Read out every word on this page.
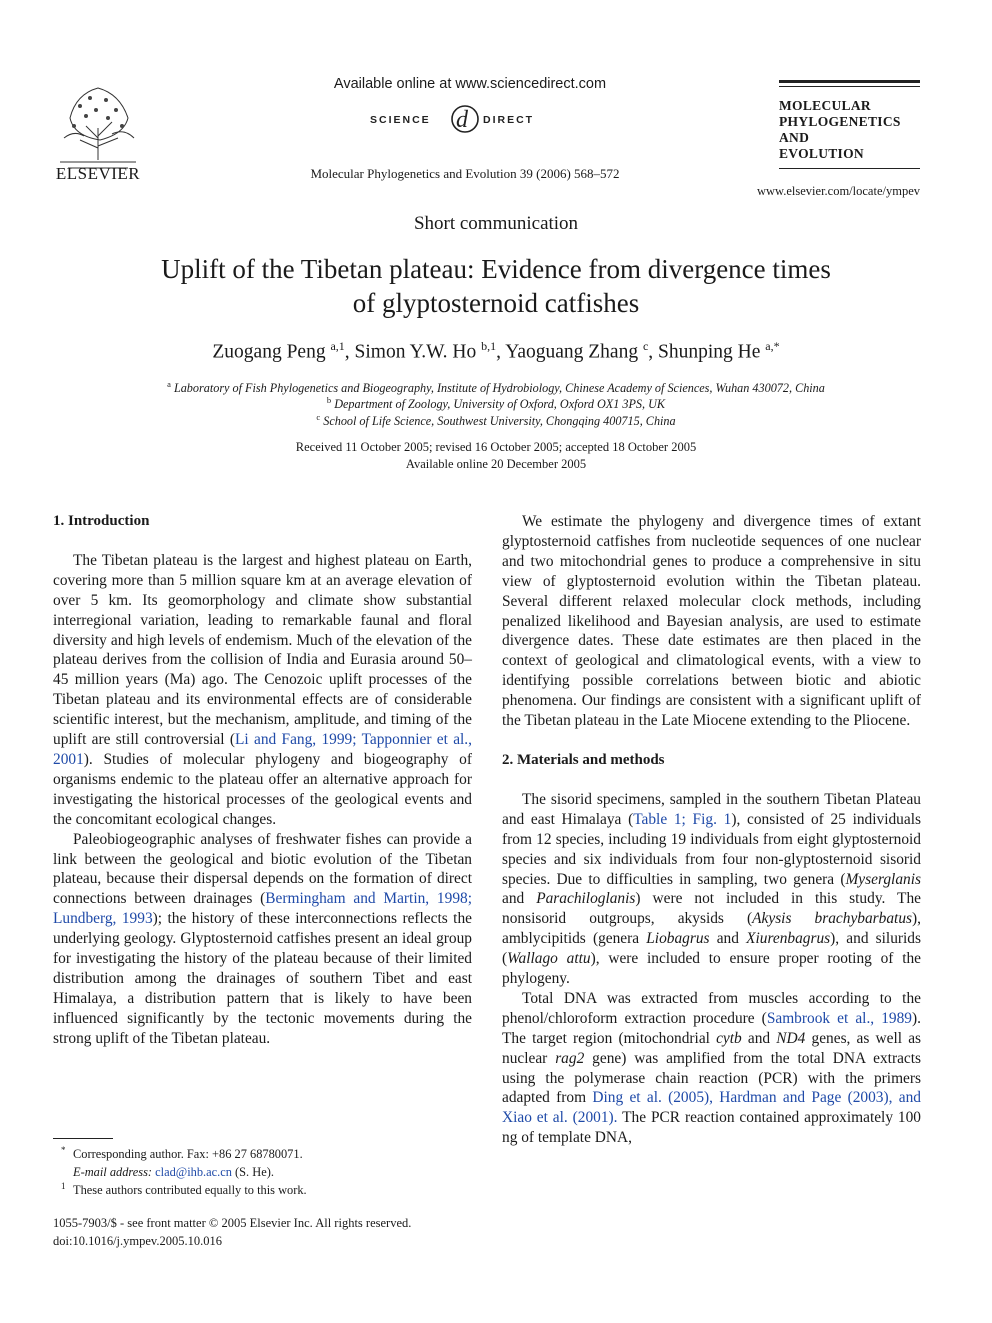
ELSEVIER
Available online at www.sciencedirect.com
SCIENCE d DIRECT
Molecular Phylogenetics and Evolution 39 (2006) 568–572
MOLECULAR
PHYLOGENETICS
AND
EVOLUTION
www.elsevier.com/locate/ympev
Short communication
Uplift of the Tibetan plateau: Evidence from divergence times
of glyptosternoid catfishes
Zuogang Peng $^{a,1}$, Simon Y.W. Ho $^{b,1}$, Yaoguang Zhang $^c$, Shunping He $^{a,*}$
$^a$ Laboratory of Fish Phylogenetics and Biogeography, Institute of Hydrobiology, Chinese Academy of Sciences, Wuhan 430072, China
$^b$ Department of Zoology, University of Oxford, Oxford OX1 3PS, UK
$^c$ School of Life Science, Southwest University, Chongqing 400715, China
Received 11 October 2005; revised 16 October 2005; accepted 18 October 2005
Available online 20 December 2005
1. Introduction

The Tibetan plateau is the largest and highest plateau on Earth, covering more than 5 million square km at an average elevation of over 5 km. Its geomorphology and climate show substantial interregional variation, leading to remarkable faunal and floral diversity and high levels of endemism. Much of the elevation of the plateau derives from the collision of India and Eurasia around 50–45 million years (Ma) ago. The Cenozoic uplift processes of the Tibetan plateau and its environmental effects are of considerable scientific interest, but the mechanism, amplitude, and timing of the uplift are still controversial (Li and Fang, 1999; Tapponnier et al., 2001). Studies of molecular phylogeny and biogeography of organisms endemic to the plateau offer an alternative approach for investigating the historical processes of the geological events and the concomitant ecological changes.

Paleobiogeographic analyses of freshwater fishes can provide a link between the geological and biotic evolution of the Tibetan plateau, because their dispersal depends on the formation of direct connections between drainages (Bermingham and Martin, 1998; Lundberg, 1993); the history of these interconnections reflects the underlying geology. Glyptosternoid catfishes present an ideal group for investigating the history of the plateau because of their limited distribution among the drainages of southern Tibet and east Himalaya, a distribution pattern that is likely to have been influenced significantly by the tectonic movements during the strong uplift of the Tibetan plateau.

We estimate the phylogeny and divergence times of extant glyptosternoid catfishes from nucleotide sequences of one nuclear and two mitochondrial genes to produce a comprehensive in situ view of glyptosternoid evolution within the Tibetan plateau. Several different relaxed molecular clock methods, including penalized likelihood and Bayesian analysis, are used to estimate divergence dates. These date estimates are then placed in the context of geological and climatological events, with a view to identifying possible correlations between biotic and abiotic phenomena. Our findings are consistent with a significant uplift of the Tibetan plateau in the Late Miocene extending to the Pliocene.

2. Materials and methods

The sisorid specimens, sampled in the southern Tibetan Plateau and east Himalaya (Table 1; Fig. 1), consisted of 25 individuals from 12 species, including 19 individuals from eight glyptosternoid species and six individuals from four non-glyptosternoid sisorid species. Due to difficulties in sampling, two genera (Myserglanis and Parachiloglanis) were not included in this study. The nonsisorid outgroups, akysids (Akysis brachybarbatus), amblycipitids (genera Liobagrus and Xiurenbagrus), and silurids (Wallago attu), were included to ensure proper rooting of the phylogeny.

Total DNA was extracted from muscles according to the phenol/chloroform extraction procedure (Sambrook et al., 1989). The target region (mitochondrial cytb and ND4 genes, as well as nuclear rag2 gene) was amplified from the total DNA extracts using the polymerase chain reaction (PCR) with the primers adapted from Ding et al. (2005), Hardman and Page (2003), and Xiao et al. (2001). The PCR reaction contained approximately 100 ng of template DNA,

* Corresponding author. Fax: +86 27 68780071.
E-mail address: clad@ihb.ac.cn (S. He).
1 These authors contributed equally to this work.
1055-7903/$ - see front matter © 2005 Elsevier Inc. All rights reserved.
doi:10.1016/j.ympev.2005.10.016
